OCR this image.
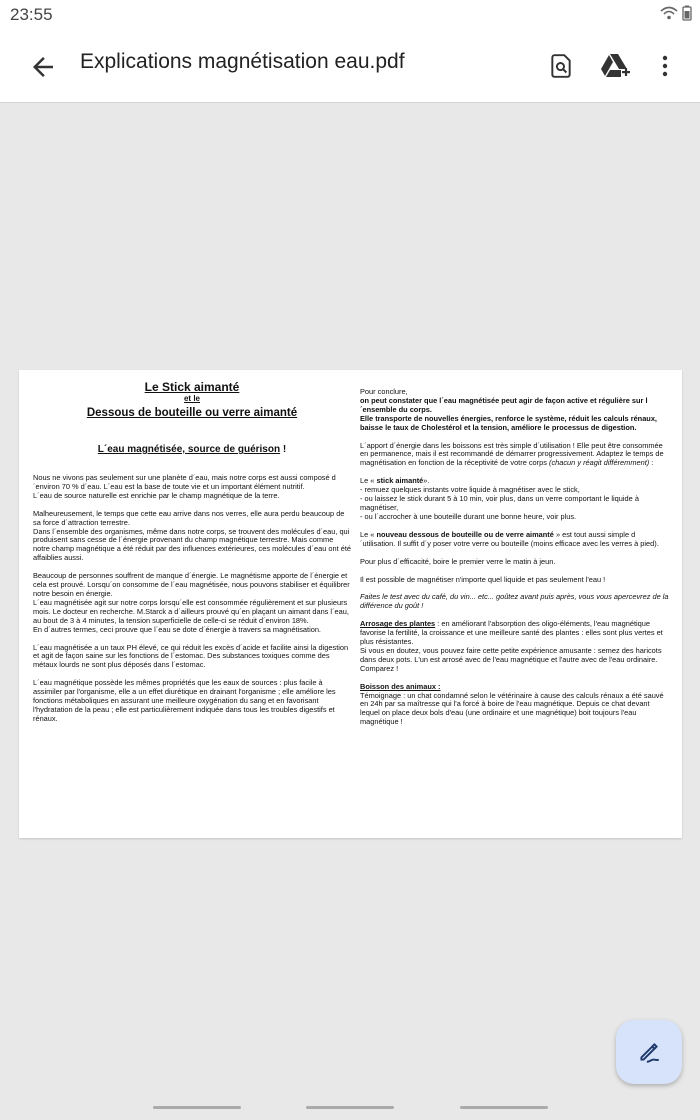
23:55
Explications magnétisation eau.pdf
Le Stick aimanté
et le
Dessous de bouteille ou verre aimanté
L´eau magnétisée, source de guérison !
Nous ne vivons pas seulement sur une planète d´eau, mais notre corps est aussi composé d´environ 70 % d´eau. L´eau est la base de toute vie et un important élément nutritif.

L´eau de source naturelle est enrichie par le champ magnétique de la terre.

Malheureusement, le temps que cette eau arrive dans nos verres, elle aura perdu beaucoup de sa force d´attraction terrestre.

Dans l´ensemble des organismes, même dans notre corps, se trouvent des molécules d´eau, qui produisent sans cesse de l´énergie provenant du champ magnétique terrestre. Mais comme notre champ magnétique a été réduit par des influences extérieures, ces molécules d´eau ont été affaiblies aussi.

Beaucoup de personnes souffrent de manque d´énergie. Le magnétisme apporte de l´énergie et cela est prouvé. Lorsqu´on consomme de l´eau magnétisée, nous pouvons stabiliser et équilibrer notre besoin en énergie.
L´eau magnétisée agit sur notre corps lorsqu´elle est consommée régulièrement et sur plusieurs mois. Le docteur en recherche. M.Starck a d´ailleurs prouvé qu´en plaçant un aimant dans l´eau, au bout de 3 à 4 minutes, la tension superficielle de celle-ci se réduit d´environ 18%.

En d´autres termes, ceci prouve que l´eau se dote d´énergie à travers sa magnétisation.

L´eau magnétisée a un taux PH élevé, ce qui réduit les excès d´acide et facilite ainsi la digestion et agit de façon saine sur les fonctions de l´estomac. Des substances toxiques comme des métaux lourds ne sont plus déposés dans l´estomac.

L´eau magnétique possède les mêmes propriétés que les eaux de sources : plus facile à assimiler par l'organisme, elle a un effet diurétique en drainant l'organisme ; elle améliore les fonctions métaboliques en assurant une meilleure oxygénation du sang et en favorisant l'hydratation de la peau ; elle est particulièrement indiquée dans tous les troubles digestifs et rénaux.

Pour conclure,
on peut constater que l´eau magnétisée peut agir de façon active et régulière sur l´ensemble du corps.

Elle transporte de nouvelles énergies, renforce le système, réduit les calculs rénaux, baisse le taux de Cholestérol et la tension, améliore le processus de digestion.

L´apport d´énergie dans les boissons est très simple d´utilisation ! Elle peut être consommée en permanence, mais il est recommandé de démarrer progressivement. Adaptez le temps de magnétisation en fonction de la réceptivité de votre corps (chacun y réagit différemment) :

Le « stick aimanté».
- remuez quelques instants votre liquide à magnétiser avec le stick,
- ou laissez le stick durant 5 à 10 min, voir plus, dans un verre comportant le liquide à magnétiser,

- ou l´accrocher à une bouteille durant une bonne heure, voir plus.

Le « nouveau dessous de bouteille ou de verre aimanté » est tout aussi simple d´utilisation. Il suffit d´y poser votre verre ou bouteille (moins efficace avec les verres à pied).

Pour plus d´efficacité, boire le premier verre le matin à jeun.

Il est possible de magnétiser n'importe quel liquide et pas seulement l'eau !

Faites le test avec du café, du vin... etc... goûtez avant puis après, vous vous apercevrez de la différence du goût !

Arrosage des plantes : en améliorant l'absorption des oligo-éléments, l'eau magnétique favorise la fertilité, la croissance et une meilleure santé des plantes : elles sont plus vertes et plus résistantes.

Si vous en doutez, vous pouvez faire cette petite expérience amusante : semez des haricots dans deux pots. L'un est arrosé avec de l'eau magnétique et l'autre avec de l'eau ordinaire. Comparez !

Boisson des animaux :
Témoignage : un chat condamné selon le vétérinaire à cause des calculs rénaux a été sauvé en 24h par sa maîtresse qui l'a forcé à boire de l'eau magnétique. Depuis ce chat devant lequel on place deux bols d'eau (une ordinaire et une magnétique) boit toujours l'eau magnétique !
